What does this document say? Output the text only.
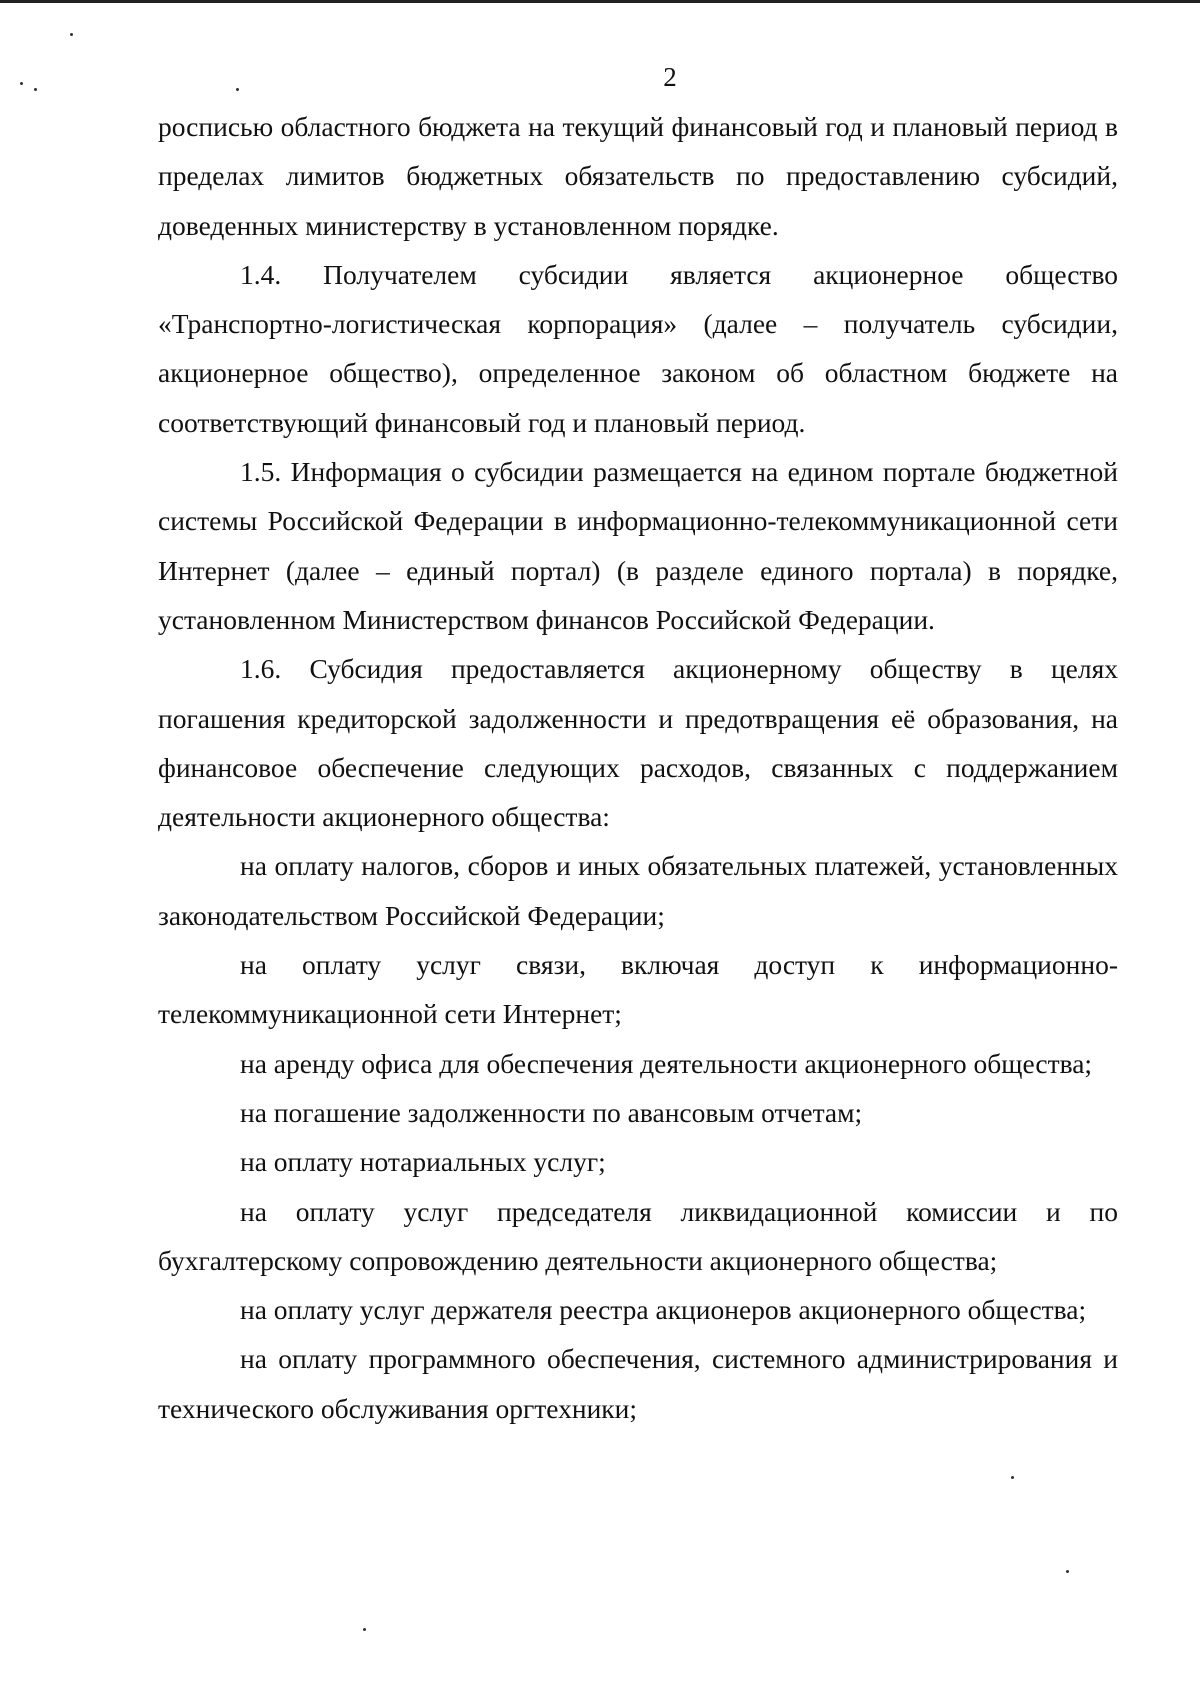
2

росписью областного бюджета на текущий финансовый год и плановый период в пределах лимитов бюджетных обязательств по предоставлению субсидий, доведенных министерству в установленном порядке.

1.4. Получателем субсидии является акционерное общество «Транспортно-логистическая корпорация» (далее – получатель субсидии, акционерное общество), определенное законом об областном бюджете на соответствующий финансовый год и плановый период.

1.5. Информация о субсидии размещается на едином портале бюджетной системы Российской Федерации в информационно-телекоммуникационной сети Интернет (далее – единый портал) (в разделе единого портала) в порядке, установленном Министерством финансов Российской Федерации.

1.6. Субсидия предоставляется акционерному обществу в целях погашения кредиторской задолженности и предотвращения её образования, на финансовое обеспечение следующих расходов, связанных с поддержанием деятельности акционерного общества:

на оплату налогов, сборов и иных обязательных платежей, установленных законодательством Российской Федерации;

на оплату услуг связи, включая доступ к информационно-телекоммуникационной сети Интернет;

на аренду офиса для обеспечения деятельности акционерного общества;

на погашение задолженности по авансовым отчетам;

на оплату нотариальных услуг;

на оплату услуг председателя ликвидационной комиссии и по бухгалтерскому сопровождению деятельности акционерного общества;

на оплату услуг держателя реестра акционеров акционерного общества;

на оплату программного обеспечения, системного администрирования и технического обслуживания оргтехники;
